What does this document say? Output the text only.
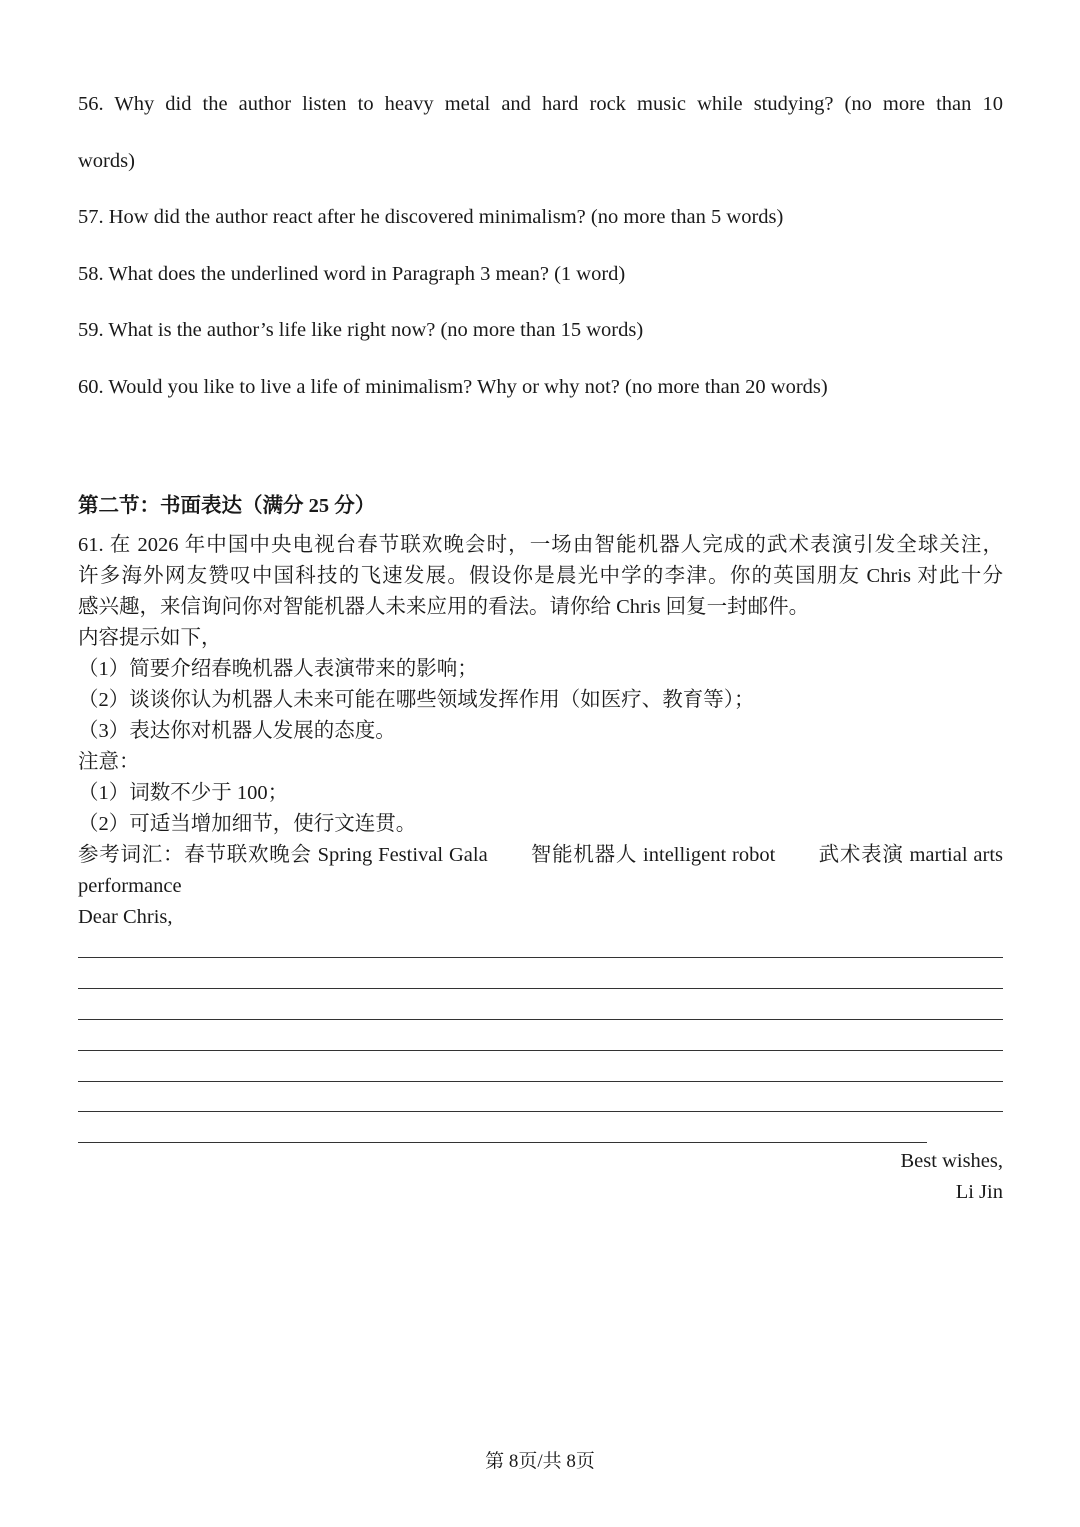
56. Why did the author listen to heavy metal and hard rock music while studying? (no more than 10
words)
57. How did the author react after he discovered minimalism? (no more than 5 words)
58. What does the underlined word in Paragraph 3 mean? (1 word)
59. What is the author’s life like right now? (no more than 15 words)
60. Would you like to live a life of minimalism? Why or why not? (no more than 20 words)
第二节：书面表达（满分 25 分）
61. 在 2026 年中国中央电视台春节联欢晚会时，一场由智能机器人完成的武术表演引发全球关注，
许多海外网友赞叹中国科技的飞速发展。假设你是晨光中学的李津。你的英国朋友 Chris 对此十分
感兴趣，来信询问你对智能机器人未来应用的看法。请你给 Chris 回复一封邮件。
内容提示如下，
（1）简要介绍春晚机器人表演带来的影响；
（2）谈谈你认为机器人未来可能在哪些领域发挥作用（如医疗、教育等）；
（3）表达你对机器人发展的态度。
注意：
（1）词数不少于 100；
（2）可适当增加细节，使行文连贯。
参考词汇：春节联欢晚会 Spring Festival Gala　　智能机器人 intelligent robot　　武术表演 martial arts
performance
Dear Chris,
Best wishes,
Li Jin
第 8页/共 8页
